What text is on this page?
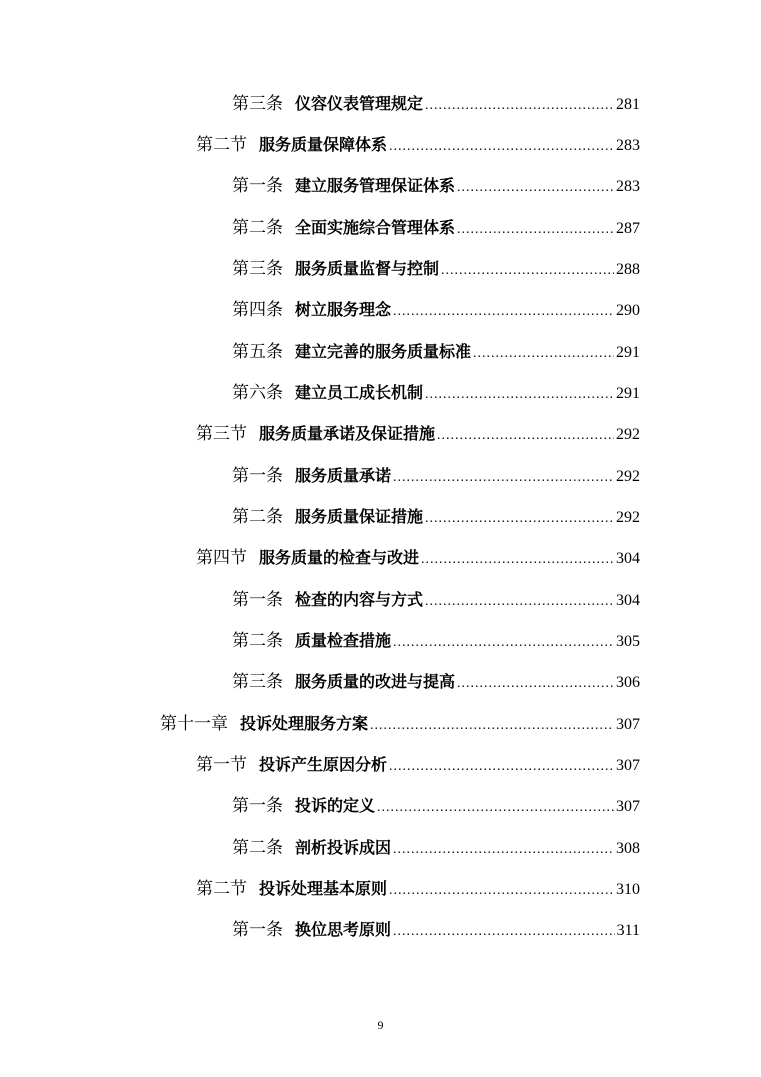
第三条 仪容仪表管理规定 .....	281
第二节 服务质量保障体系 .....	283
第一条 建立服务管理保证体系 .....	283
第二条 全面实施综合管理体系 .....	287
第三条 服务质量监督与控制 .....	288
第四条 树立服务理念 .....	290
第五条 建立完善的服务质量标准 .....	291
第六条 建立员工成长机制 .....	291
第三节 服务质量承诺及保证措施 .....	292
第一条 服务质量承诺 .....	292
第二条 服务质量保证措施 .....	292
第四节 服务质量的检查与改进 .....	304
第一条 检查的内容与方式 .....	304
第二条 质量检查措施 .....	305
第三条 服务质量的改进与提高 .....	306
第十一章 投诉处理服务方案 .....	307
第一节 投诉产生原因分析 .....	307
第一条 投诉的定义 .....	307
第二条 剖析投诉成因 .....	308
第二节 投诉处理基本原则 .....	310
第一条 换位思考原则 .....	311
9
